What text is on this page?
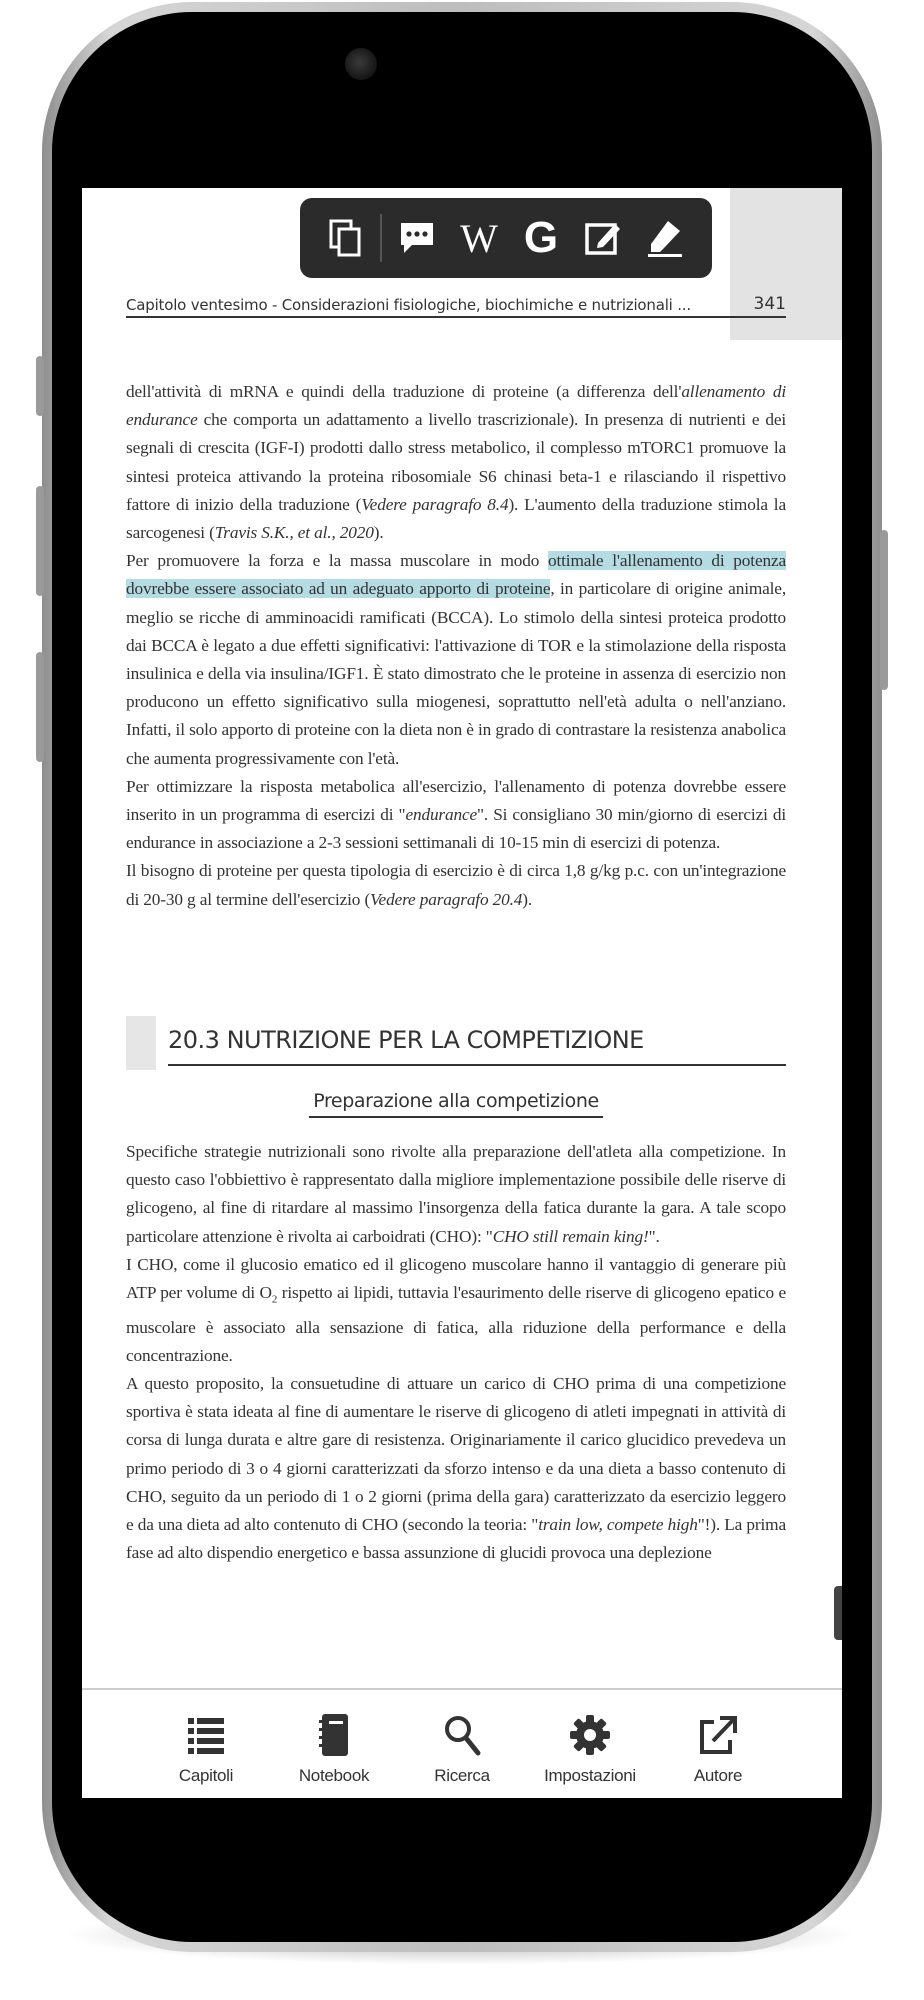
W G
Capitolo ventesimo - Considerazioni fisiologiche, biochimiche e nutrizionali ...	341

dell'attività di mRNA e quindi della traduzione di proteine (a differenza dell'allenamento di endurance che comporta un adattamento a livello trascrizionale). In presenza di nutrienti e dei segnali di crescita (IGF-I) prodotti dallo stress metabolico, il complesso mTORC1 promuove la sintesi proteica attivando la proteina ribosomiale S6 chinasi beta-1 e rilasciando il rispettivo fattore di inizio della traduzione (Vedere paragrafo 8.4). L'aumento della traduzione stimola la sarcogenesi (Travis S.K., et al., 2020).

Per promuovere la forza e la massa muscolare in modo ottimale l'allenamento di potenza dovrebbe essere associato ad un adeguato apporto di proteine, in particolare di origine animale, meglio se ricche di amminoacidi ramificati (BCCA). Lo stimolo della sintesi proteica prodotto dai BCCA è legato a due effetti significativi: l'attivazione di TOR e la stimolazione della risposta insulinica e della via insulina/IGF1. È stato dimostrato che le proteine in assenza di esercizio non producono un effetto significativo sulla miogenesi, soprattutto nell'età adulta o nell'anziano. Infatti, il solo apporto di proteine con la dieta non è in grado di contrastare la resistenza anabolica che aumenta progressivamente con l'età.

Per ottimizzare la risposta metabolica all'esercizio, l'allenamento di potenza dovrebbe essere inserito in un programma di esercizi di "endurance". Si consigliano 30 min/giorno di esercizi di endurance in associazione a 2-3 sessioni settimanali di 10-15 min di esercizi di potenza.

Il bisogno di proteine per questa tipologia di esercizio è di circa 1,8 g/kg p.c. con un'integrazione di 20-30 g al termine dell'esercizio (Vedere paragrafo 20.4).

20.3 NUTRIZIONE PER LA COMPETIZIONE
Preparazione alla competizione

Specifiche strategie nutrizionali sono rivolte alla preparazione dell'atleta alla competizione. In questo caso l'obbiettivo è rappresentato dalla migliore implementazione possibile delle riserve di glicogeno, al fine di ritardare al massimo l'insorgenza della fatica durante la gara. A tale scopo particolare attenzione è rivolta ai carboidrati (CHO): "CHO still remain king!".

I CHO, come il glucosio ematico ed il glicogeno muscolare hanno il vantaggio di generare più ATP per volume di $O_2$ rispetto ai lipidi, tuttavia l'esaurimento delle riserve di glicogeno epatico e muscolare è associato alla sensazione di fatica, alla riduzione della performance e della concentrazione.

A questo proposito, la consuetudine di attuare un carico di CHO prima di una competizione sportiva è stata ideata al fine di aumentare le riserve di glicogeno di atleti impegnati in attività di corsa di lunga durata e altre gare di resistenza. Originariamente il carico glucidico prevedeva un primo periodo di 3 o 4 giorni caratterizzati da sforzo intenso e da una dieta a basso contenuto di CHO, seguito da un periodo di 1 o 2 giorni (prima della gara) caratterizzato da esercizio leggero e da una dieta ad alto contenuto di CHO (secondo la teoria: "train low, compete high"!). La prima fase ad alto dispendio energetico e bassa assunzione di glucidi provoca una deplezione

Capitoli	Notebook	Ricerca	Impostazioni	Autore
